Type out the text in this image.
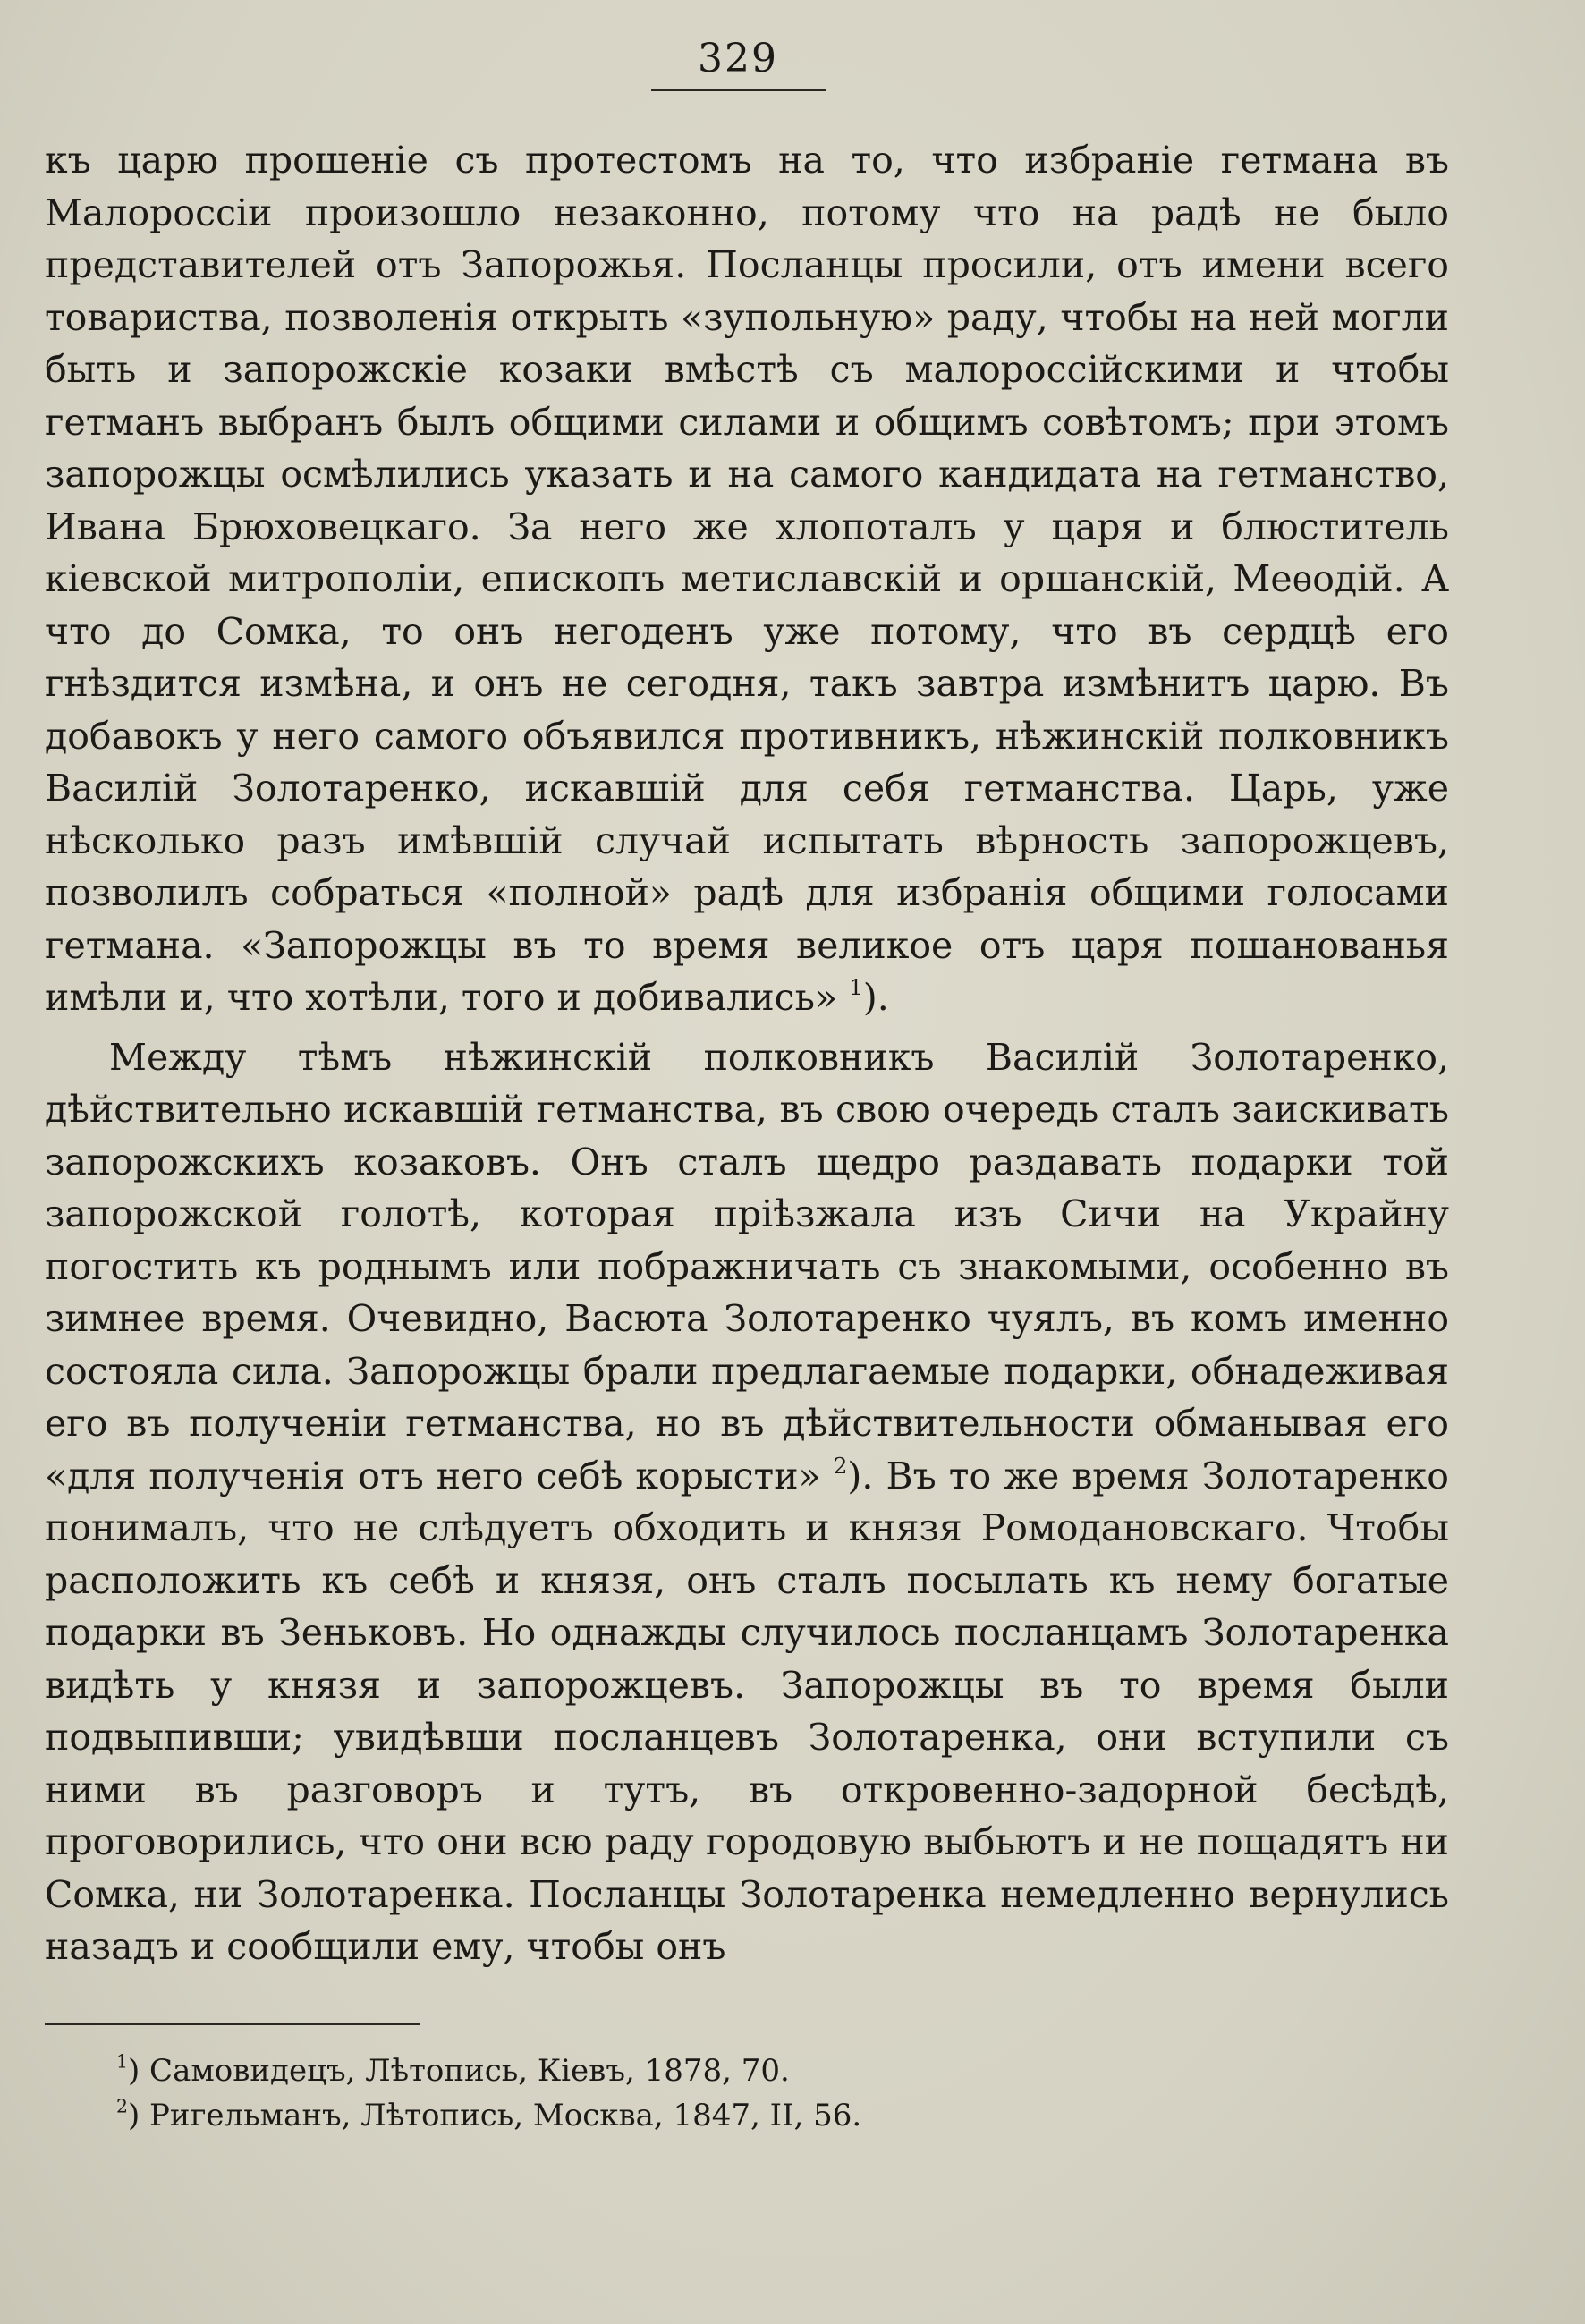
329

къ царю прошеніе съ протестомъ на то, что избраніе гетмана въ Малороссіи произошло незаконно, потому что на радѣ не было представителей отъ Запорожья. Посланцы просили, отъ имени всего товариства, позволенія открыть «зупольную» раду, чтобы на ней могли быть и запорожскіе козаки вмѣстѣ съ малороссійскими и чтобы гетманъ выбранъ былъ общими силами и общимъ совѣтомъ; при этомъ запорожцы осмѣлились указать и на самого кандидата на гетманство, Ивана Брюховецкаго. За него же хлопоталъ у царя и блюститель кіевской митрополіи, епископъ метиславскій и оршанскій, Меѳодій. А что до Сомка, то онъ негоденъ уже потому, что въ сердцѣ его гнѣздится измѣна, и онъ не сегодня, такъ завтра измѣнитъ царю. Въ добавокъ у него самого объявился противникъ, нѣжинскій полковникъ Василій Золотаренко, искавшій для себя гетманства. Царь, уже нѣсколько разъ имѣвшій случай испытать вѣрность запорожцевъ, позволилъ собраться «полной» радѣ для избранія общими голосами гетмана. «Запорожцы въ то время великое отъ царя пошанованья имѣли и, что хотѣли, того и добивались» $^1$).

Между тѣмъ нѣжинскій полковникъ Василій Золотаренко, дѣйствительно искавшій гетманства, въ свою очередь сталъ заискивать запорожскихъ козаковъ. Онъ сталъ щедро раздавать подарки той запорожской голотѣ, которая пріѣзжала изъ Сичи на Украйну погостить къ роднымъ или пображничать съ знакомыми, особенно въ зимнее время. Очевидно, Васюта Золотаренко чуялъ, въ комъ именно состояла сила. Запорожцы брали предлагаемые подарки, обнадеживая его въ полученіи гетманства, но въ дѣйствительности обманывая его «для полученія отъ него себѣ корысти» $^2$). Въ то же время Золотаренко понималъ, что не слѣдуетъ обходить и князя Ромодановскаго. Чтобы расположить къ себѣ и князя, онъ сталъ посылать къ нему богатые подарки въ Зеньковъ. Но однажды случилось посланцамъ Золотаренка видѣть у князя и запорожцевъ. Запорожцы въ то время были подвыпивши; увидѣвши посланцевъ Золотаренка, они вступили съ ними въ разговоръ и тутъ, въ откровенно-задорной бесѣдѣ, проговорились, что они всю раду городовую выбьютъ и не пощадятъ ни Сомка, ни Золотаренка. Посланцы Золотаренка немедленно вернулись назадъ и сообщили ему, чтобы онъ

$^1$) Самовидецъ, Лѣтопись, Кіевъ, 1878, 70.

$^2$) Ригельманъ, Лѣтопись, Москва, 1847, II, 56.
